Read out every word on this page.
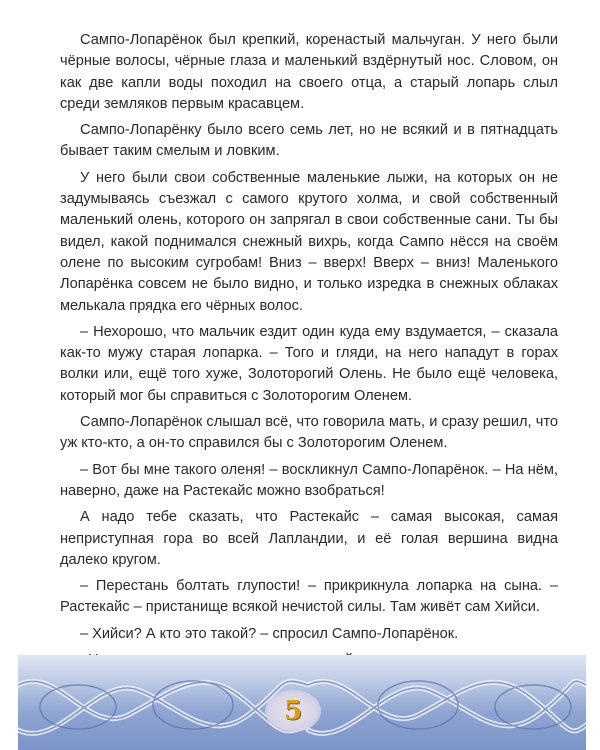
Сампо-Лопарёнок был крепкий, коренастый мальчуган. У него были чёрные волосы, чёрные глаза и маленький вздёрнутый нос. Словом, он как две капли воды походил на своего отца, а старый лопарь слыл среди земляков первым красавцем.

Сампо-Лопарёнку было всего семь лет, но не всякий и в пятнадцать бывает таким смелым и ловким.

У него были свои собственные маленькие лыжи, на которых он не задумываясь съезжал с самого крутого холма, и свой собственный маленький олень, которого он запрягал в свои собственные сани. Ты бы видел, какой поднимался снежный вихрь, когда Сампо нёсся на своём олене по высоким сугробам! Вниз – вверх! Вверх – вниз! Маленького Лопарёнка совсем не было видно, и только изредка в снежных облаках мелькала прядка его чёрных волос.

– Нехорошо, что мальчик ездит один куда ему вздумается, – сказала как-то мужу старая лопарка. – Того и гляди, на него нападут в горах волки или, ещё того хуже, Золоторогий Олень. Не было ещё человека, который мог бы справиться с Золоторогим Оленем.

Сампо-Лопарёнок слышал всё, что говорила мать, и сразу решил, что уж кто-кто, а он-то справился бы с Золоторогим Оленем.

– Вот бы мне такого оленя! – воскликнул Сампо-Лопарёнок. – На нём, наверно, даже на Растекайс можно взобраться!

А надо тебе сказать, что Растекайс – самая высокая, самая неприступная гора во всей Лапландии, и её голая вершина видна далеко кругом.

– Перестань болтать глупости! – прикрикнула лопарка на сына. – Растекайс – пристанище всякой нечистой силы. Там живёт сам Хийси.

– Хийси? А кто это такой? – спросил Сампо-Лопарёнок.

5
